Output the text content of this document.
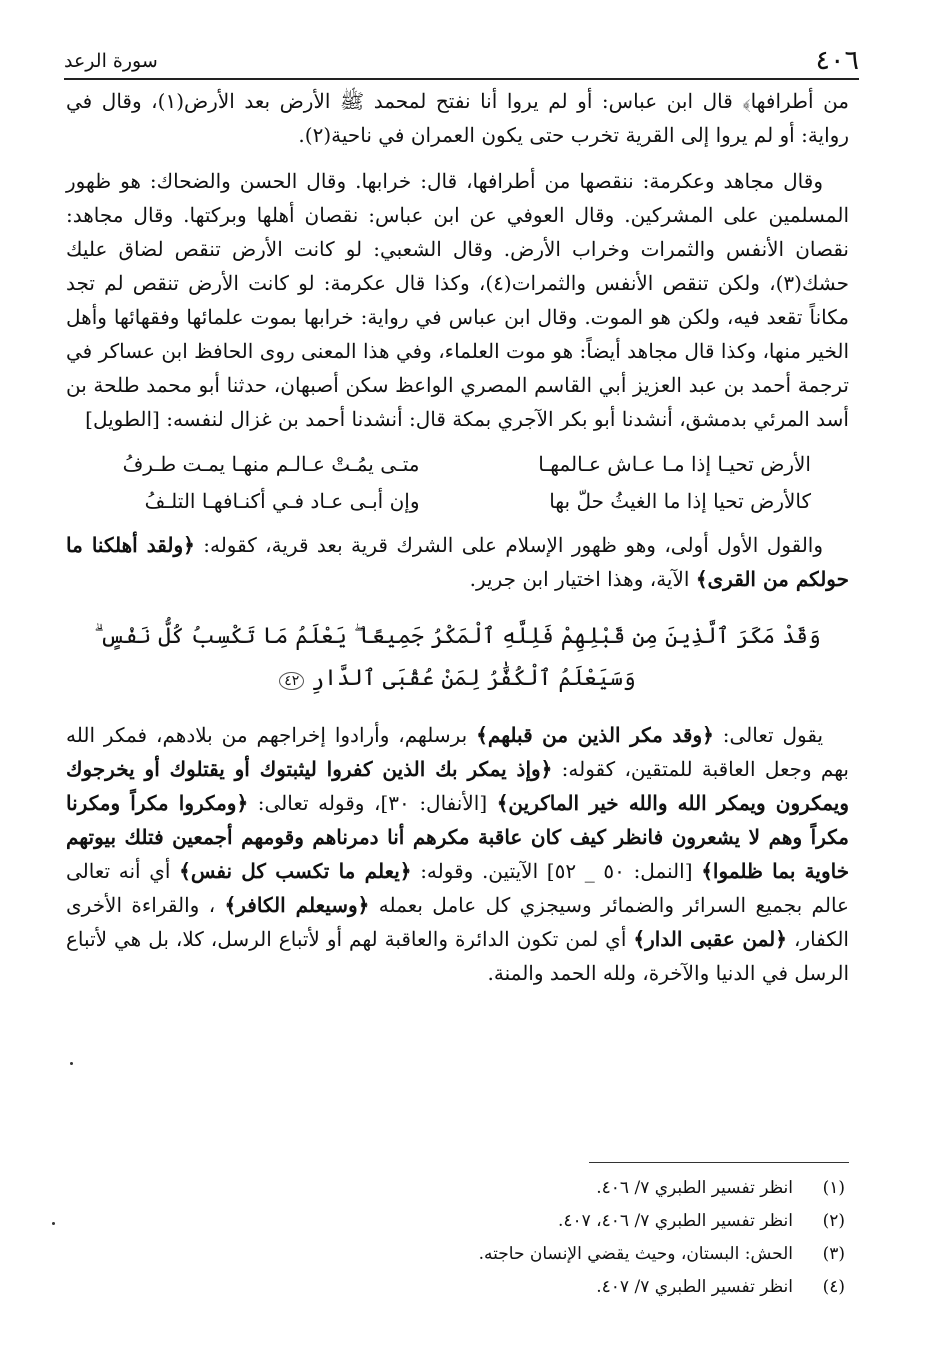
٤٠٦
سورة الرعد

من أطرافها﴾ قال ابن عباس: أو لم يروا أنا نفتح لمحمد ﷺ الأرض بعد الأرض(١)، وقال في رواية: أو لم يروا إلى القرية تخرب حتى يكون العمران في ناحية(٢).

وقال مجاهد وعكرمة: ننقصها من أطرافها، قال: خرابها. وقال الحسن والضحاك: هو ظهور المسلمين على المشركين. وقال العوفي عن ابن عباس: نقصان أهلها وبركتها. وقال مجاهد: نقصان الأنفس والثمرات وخراب الأرض. وقال الشعبي: لو كانت الأرض تنقص لضاق عليك حشك(٣)، ولكن تنقص الأنفس والثمرات(٤)، وكذا قال عكرمة: لو كانت الأرض تنقص لم تجد مكاناً تقعد فيه، ولكن هو الموت. وقال ابن عباس في رواية: خرابها بموت علمائها وفقهائها وأهل الخير منها، وكذا قال مجاهد أيضاً: هو موت العلماء، وفي هذا المعنى روى الحافظ ابن عساكر في ترجمة أحمد بن عبد العزيز أبي القاسم المصري الواعظ سكن أصبهان، حدثنا أبو محمد طلحة بن أسد المرئي بدمشق، أنشدنا أبو بكر الآجري بمكة قال: أنشدنا أحمد بن غزال لنفسه: [الطويل]

الأرض تحيـا إذا مـا عـاش عـالمهـا
متـى يمُـتْ عـالـم منهـا يمـت طـرفُ
كالأرض تحيا إذا ما الغيثُ حلّ بها
وإن أبـى عـاد فـي أكنـافهـا التلـفُ

والقول الأول أولى، وهو ظهور الإسلام على الشرك قرية بعد قرية، كقوله: ﴿ولقد أهلكنا ما حولكم من القرى﴾ الآية، وهذا اختيار ابن جرير.

وَقَدْ مَكَرَ ٱلَّذِينَ مِن قَبْلِهِمْ فَلِلَّهِ ٱلْمَكْرُ جَمِيعًا ۖ يَعْلَمُ مَا تَكْسِبُ كُلُّ نَفْسٍ ۗ وَسَيَعْلَمُ ٱلْكُفَّٰرُ لِمَنْ عُقْبَى ٱلدَّارِ ٤٢

يقول تعالى: ﴿وقد مكر الذين من قبلهم﴾ برسلهم، وأرادوا إخراجهم من بلادهم، فمكر الله بهم وجعل العاقبة للمتقين، كقوله: ﴿وإذ يمكر بك الذين كفروا ليثبتوك أو يقتلوك أو يخرجوك ويمكرون ويمكر الله والله خير الماكرين﴾ [الأنفال: ٣٠]، وقوله تعالى: ﴿ومكروا مكراً ومكرنا مكراً وهم لا يشعرون فانظر كيف كان عاقبة مكرهم أنا دمرناهم وقومهم أجمعين فتلك بيوتهم خاوية بما ظلموا﴾ [النمل: ٥٠ _ ٥٢] الآيتين. وقوله: ﴿يعلم ما تكسب كل نفس﴾ أي أنه تعالى عالم بجميع السرائر والضمائر وسيجزي كل عامل بعمله ﴿وسيعلم الكافر﴾ ، والقراءة الأخرى الكفار، ﴿لمن عقبى الدار﴾ أي لمن تكون الدائرة والعاقبة لهم أو لأتباع الرسل، كلا، بل هي لأتباع الرسل في الدنيا والآخرة، ولله الحمد والمنة.

(١)
انظر تفسير الطبري ٧/ ٤٠٦.
(٢)
انظر تفسير الطبري ٧/ ٤٠٦، ٤٠٧.
(٣)
الحش: البستان، وحيث يقضي الإنسان حاجته.
(٤)
انظر تفسير الطبري ٧/ ٤٠٧.
